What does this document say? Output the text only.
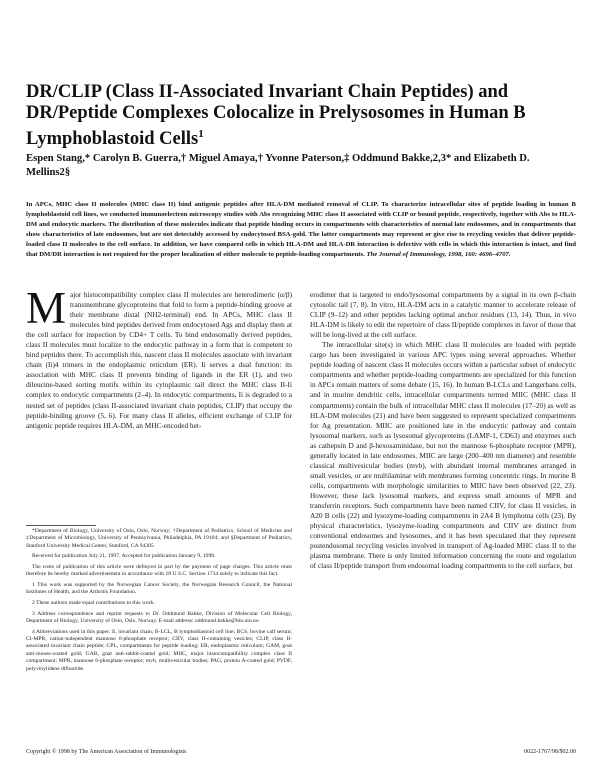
DR/CLIP (Class II-Associated Invariant Chain Peptides) and DR/Peptide Complexes Colocalize in Prelysosomes in Human B Lymphoblastoid Cells$^1$
Espen Stang,* Carolyn B. Guerra,† Miguel Amaya,† Yvonne Paterson,‡ Oddmund Bakke,2,3* and Elizabeth D. Mellins2§
In APCs, MHC class II molecules (MHC class II) bind antigenic peptides after HLA-DM mediated removal of CLIP. To characterize intracellular sites of peptide loading in human B lymphoblastoid cell lines, we conducted immunoelectron microscopy studies with Abs recognizing MHC class II associated with CLIP or bound peptide, respectively, together with Abs to HLA-DM and endocytic markers. The distribution of these molecules indicate that peptide binding occurs in compartments with characteristics of normal late endosomes, and in compartments that show characteristics of late endosomes, but are not detectably accessed by endocytosed BSA-gold. The latter compartments may represent or give rise to recycling vesicles that deliver peptide-loaded class II molecules to the cell surface. In addition, we have compared cells in which HLA-DM and HLA-DR interaction is defective with cells in which this interaction is intact, and find that DM/DR interaction is not required for the proper localization of either molecule to peptide-loading compartments. The Journal of Immunology, 1998, 160: 4696–4707.

Major histocompatibility complex class II molecules are heterodimeric (α/β) transmembrane glycoproteins that fold to form a peptide-binding groove at their membrane distal (NH2-terminal) end. In APCs, MHC class II molecules bind peptides derived from endocytosed Ags and display them at the cell surface for inspection by CD4+ T cells. To bind endosomally derived peptides, class II molecules must localize to the endocytic pathway in a form that is competent to bind peptides there. To accomplish this, nascent class II molecules associate with invariant chain (Ii)4 trimers in the endoplasmic reticulum (ER). Ii serves a dual function: its association with MHC class II prevents binding of ligands in the ER (1), and two dileucine-based sorting motifs within its cytoplasmic tail direct the MHC class II-Ii complex to endocytic compartments (2–4). In endocytic compartments, Ii is degraded to a nested set of peptides (class II-associated invariant chain peptides, CLIP) that occupy the peptide-binding groove (5, 6). For many class II alleles, efficient exchange of CLIP for antigenic peptide requires HLA-DM, an MHC-encoded het-

*Department of Biology, University of Oslo, Oslo, Norway; †Department of Pediatrics, School of Medicine and ‡Department of Microbiology, University of Pennsylvania, Philadelphia, PA 19104; and §Department of Pediatrics, Stanford University Medical Center, Stanford, CA 94305

Received for publication July 21, 1997. Accepted for publication January 9, 1998.

The costs of publication of this article were defrayed in part by the payment of page charges. This article must therefore be hereby marked advertisement in accordance with 18 U.S.C. Section 1734 solely to indicate this fact.

1 This work was supported by the Norwegian Cancer Society, the Norwegian Research Council, the National Institutes of Health, and the Arthritis Foundation.

2 These authors made equal contributions to this work.

3 Address correspondence and reprint requests to Dr. Oddmund Bakke, Division of Molecular Cell Biology, Department of Biology, University of Oslo, Oslo, Norway. E-mail address: oddmund.bakke@bio.uio.no

4 Abbreviations used in this paper: Ii, invariant chain; B-LCL, B lymphoblastoid cell line; BCS, bovine calf serum; CI-MPR, cation-independent mannose 6-phosphate receptor; CIIV, class II-containing vesicles; CLIP, class II-associated invariant chain peptide; CPL, compartments for peptide loading; ER, endoplasmic reticulum; GAM, goat anti-mouse-coated gold; GAR, goat anti-rabbit-coated gold; MIIC, major histocompatibility complex class II compartment; MPR, mannose 6-phosphate receptor; mvb, multivesicular bodies; PAG, protein A-coated gold; PVDF, polyvinylidene difluoride.

erodimer that is targeted to endo/lysosomal compartments by a signal in its own β-chain cytosolic tail (7, 8). In vitro, HLA-DM acts in a catalytic manner to accelerate release of CLIP (9–12) and other peptides lacking optimal anchor residues (13, 14). Thus, in vivo HLA-DM is likely to edit the repertoire of class II/peptide complexes in favor of those that will be long-lived at the cell surface.

The intracellular site(s) in which MHC class II molecules are loaded with peptide cargo has been investigated in various APC types using several approaches. Whether peptide loading of nascent class II molecules occurs within a particular subset of endocytic compartments and whether peptide-loading compartments are specialized for this function in APCs remain matters of some debate (15, 16). In human B-LCLs and Langerhans cells, and in murine dendritic cells, intracellular compartments termed MIIC (MHC class II compartments) contain the bulk of intracellular MHC class II molecules (17–20) as well as HLA-DM molecules (21) and have been suggested to represent specialized compartments for Ag presentation. MIIC are positioned late in the endocytic pathway and contain lysosomal markers, such as lysosomal glycoproteins (LAMP-1, CD63) and enzymes such as cathepsin D and β-hexosaminidase, but not the mannose 6-phosphate receptor (MPR), generally located in late endosomes. MIIC are large (200–400 nm diameter) and resemble classical multivesicular bodies (mvb), with abundant internal membranes arranged in small vesicles, or are multilaminar with membranes forming concentric rings. In murine B cells, compartments with morphologic similarities to MIIC have been observed (22, 23). However, these lack lysosomal markers, and express small amounts of MPR and transferrin receptors. Such compartments have been named CIIV, for class II vesicles, in A20 B cells (22) and lysozyme-loading compartments in 2A4 B lymphoma cells (23). By physical characteristics, lysozyme-loading compartments and CIIV are distinct from conventional endosomes and lysosomes, and it has been speculated that they represent postendosomal recycling vesicles involved in transport of Ag-loaded MHC class II to the plasma membrane. There is only limited information concerning the route and regulation of class II/peptide transport from endosomal loading compartments to the cell surface, but

Copyright © 1998 by The American Association of Immunologists	0022-1767/98/$02.00
